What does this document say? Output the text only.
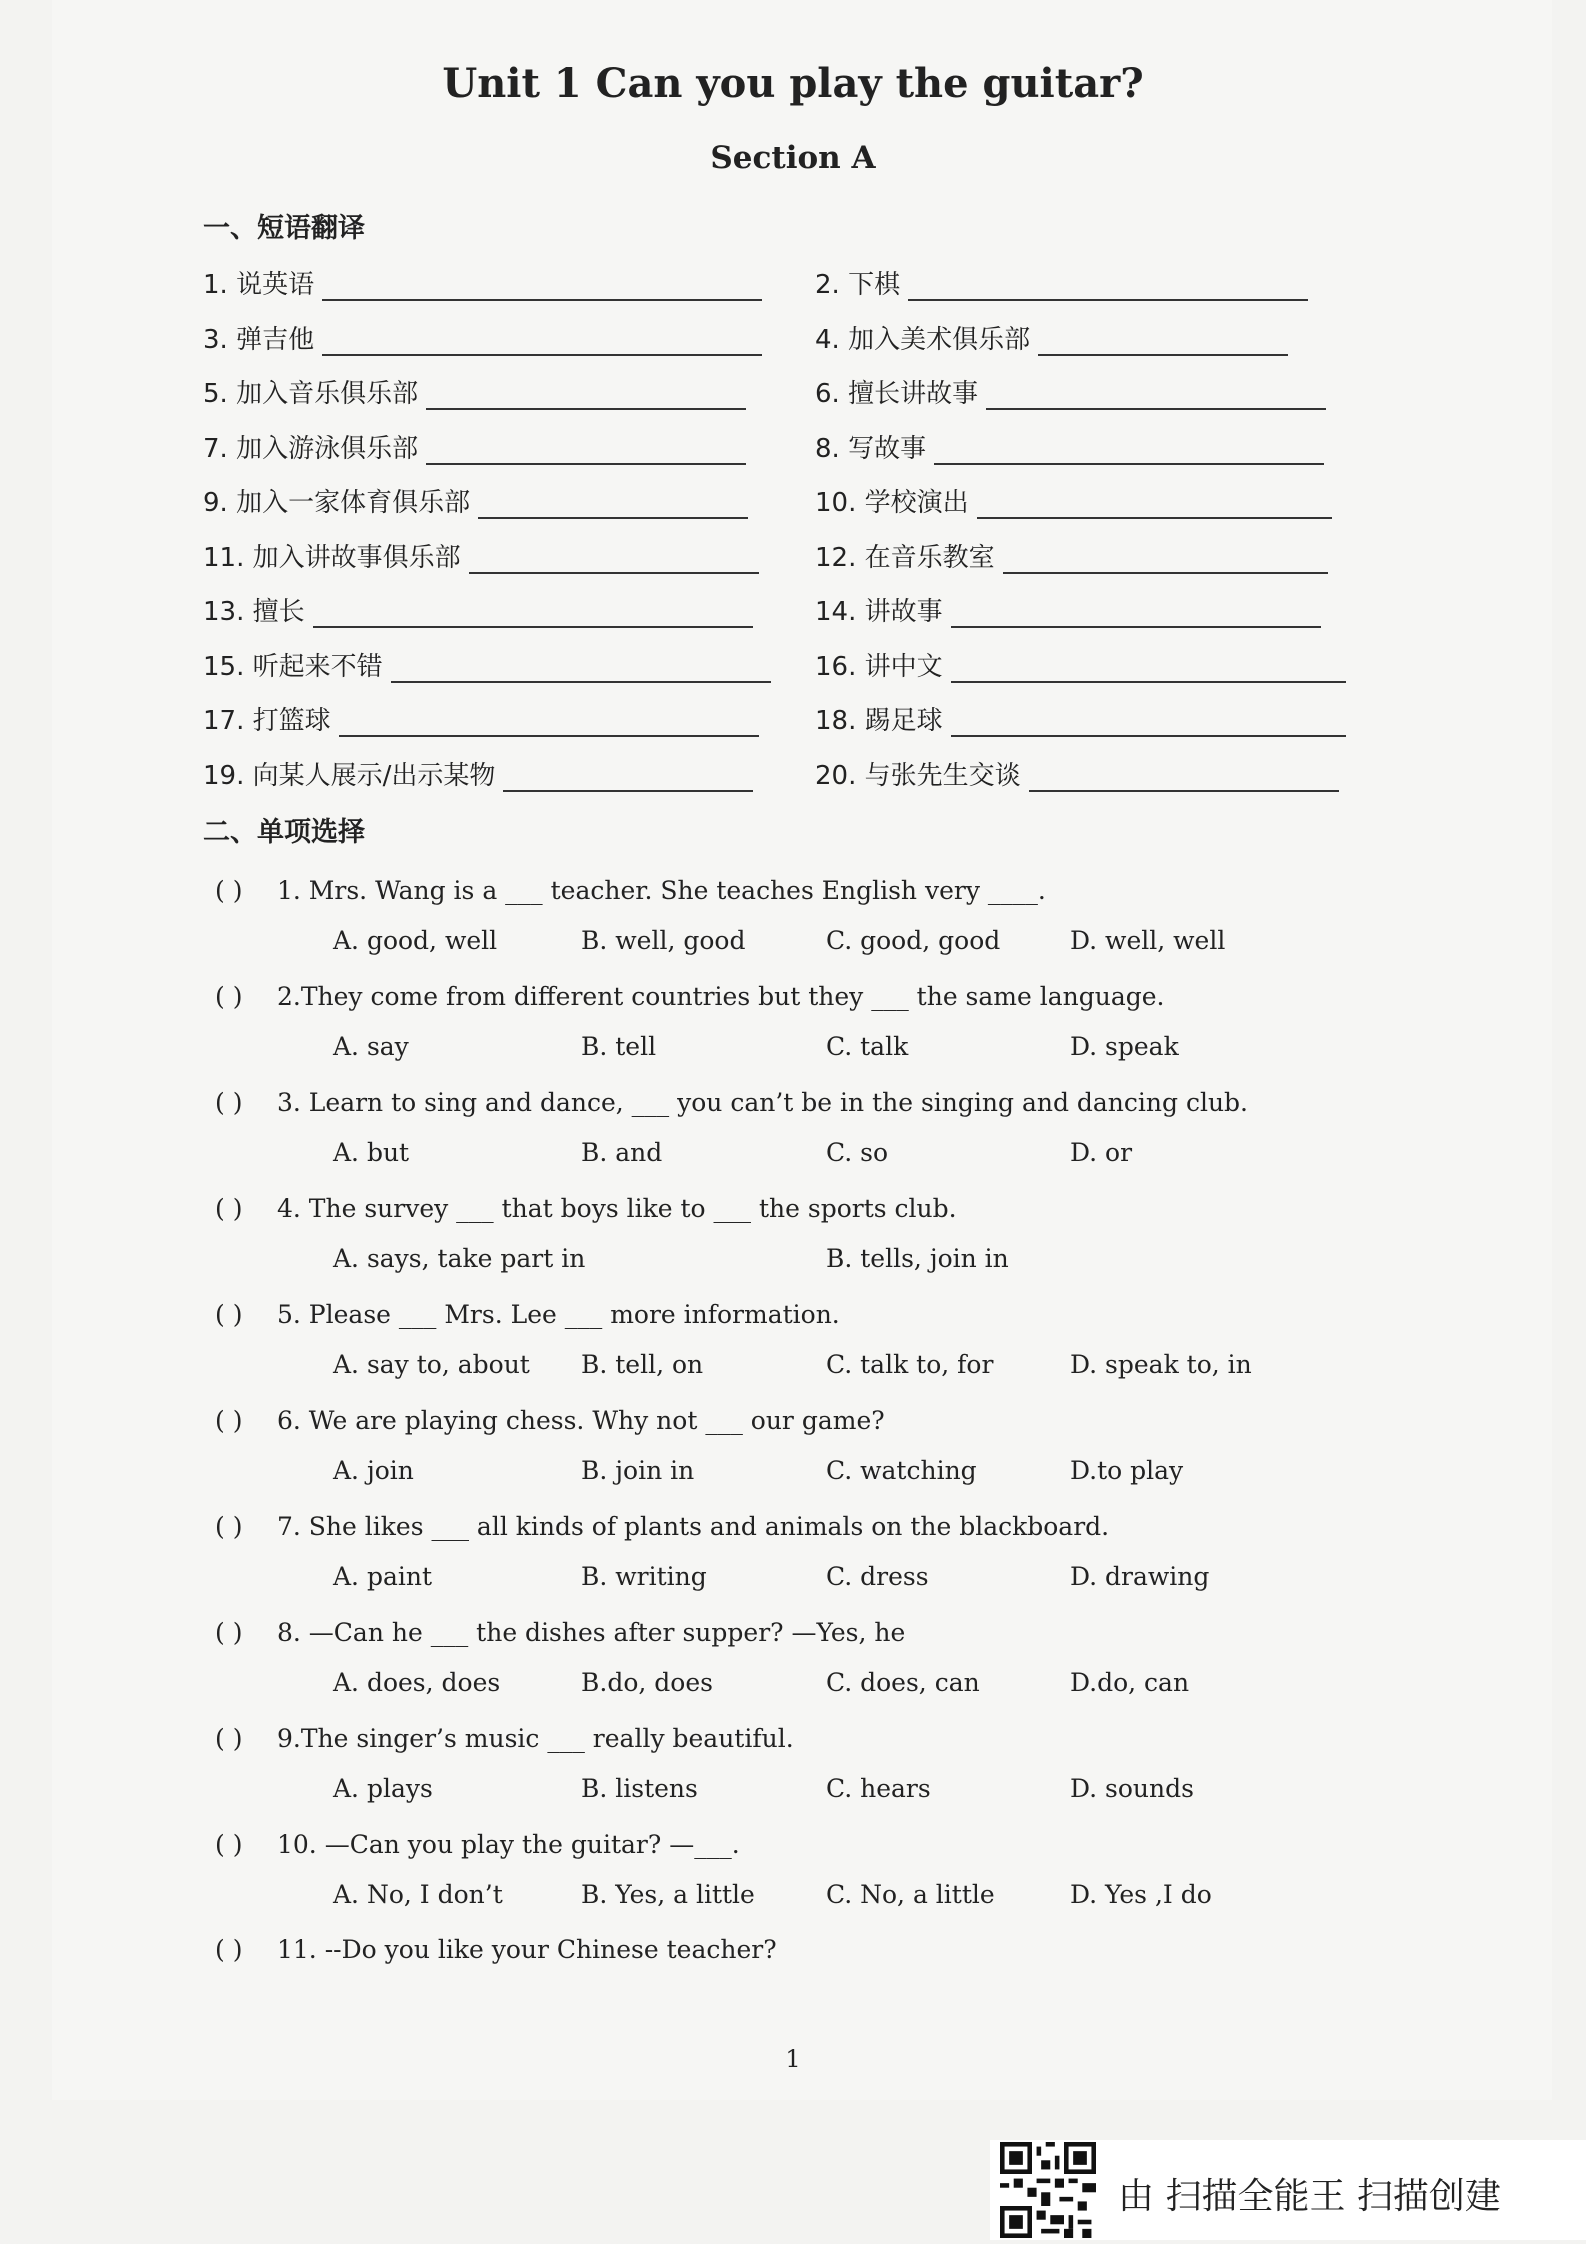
Unit 1 Can you play the guitar?
Section A
一、短语翻译
1. 说英语	2. 下棋
3. 弹吉他	4. 加入美术俱乐部
5. 加入音乐俱乐部	6. 擅长讲故事
7. 加入游泳俱乐部	8. 写故事
9. 加入一家体育俱乐部	10. 学校演出
11. 加入讲故事俱乐部	12. 在音乐教室
13. 擅长	14. 讲故事
15. 听起来不错	16. 讲中文
17. 打篮球	18. 踢足球
19. 向某人展示/出示某物	20. 与张先生交谈
二、单项选择
( ) 1. Mrs. Wang is a ___ teacher. She teaches English very ____.
A. good, well	B. well, good	C. good, good	D. well, well
( ) 2.They come from different countries but they ___ the same language.
A. say	B. tell	C. talk	D. speak
( ) 3. Learn to sing and dance, ___ you can’t be in the singing and dancing club.
A. but	B. and	C. so	D. or
( ) 4. The survey ___ that boys like to ___ the sports club.
A. says, take part in	B. tells, join in
( ) 5. Please ___ Mrs. Lee ___ more information.
A. say to, about B. tell, on	C. talk to, for	D. speak to, in
( ) 6. We are playing chess. Why not ___ our game?
A. join	B. join in	C. watching	D.to play
( ) 7. She likes ___ all kinds of plants and animals on the blackboard.
A. paint	B. writing	C. dress	D. drawing
( ) 8. —Can he ___ the dishes after supper? —Yes, he
A. does, does	B.do, does	C. does, can	D.do, can
( ) 9.The singer’s music ___ really beautiful.
A. plays	B. listens	C. hears	D. sounds
( ) 10. —Can you play the guitar? —___.
A. No, I don’t	B. Yes, a little	C. No, a little	D. Yes ,I do
( ) 11. --Do you like your Chinese teacher?
1
由 扫描全能王 扫描创建
